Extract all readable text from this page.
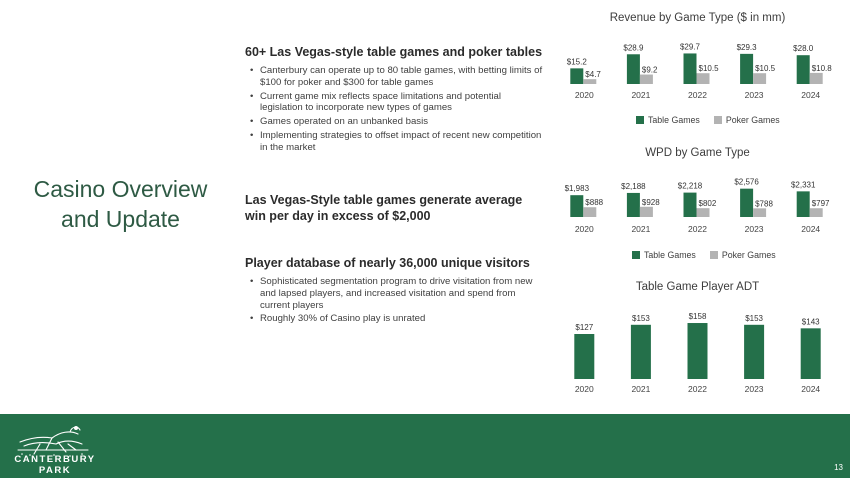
Casino Overview
and Update
60+ Las Vegas-style table games and poker tables
• Canterbury can operate up to 80 table games, with betting limits of $100 for poker and $300 for table games
• Current game mix reflects space limitations and potential legislation to incorporate new types of games
• Games operated on an unbanked basis
• Implementing strategies to offset impact of recent new competition in the market
Las Vegas-Style table games generate average win per day in excess of $2,000
Player database of nearly 36,000 unique visitors
• Sophisticated segmentation program to drive visitation from new and lapsed players, and increased visitation and spend from current players
• Roughly 30% of Casino play is unrated
Revenue by Game Type ($ in mm)
2020
$15.2
$4.7
2021
$28.9
$9.2
2022
$29.7
$10.5
2023
$29.3
$10.5
2024
$28.0
$10.8
Table Games	Poker Games
WPD by Game Type
2020
$1,983
$888
2021
$2,188
$928
2022
$2,218
$802
2023
$2,576
$788
2024
$2,331
$797
Table Games	Poker Games
Table Game Player ADT
2020
$127
2021
$153
2022
$158
2023
$153
2024
$143
CANTERBURY
PARK	13
